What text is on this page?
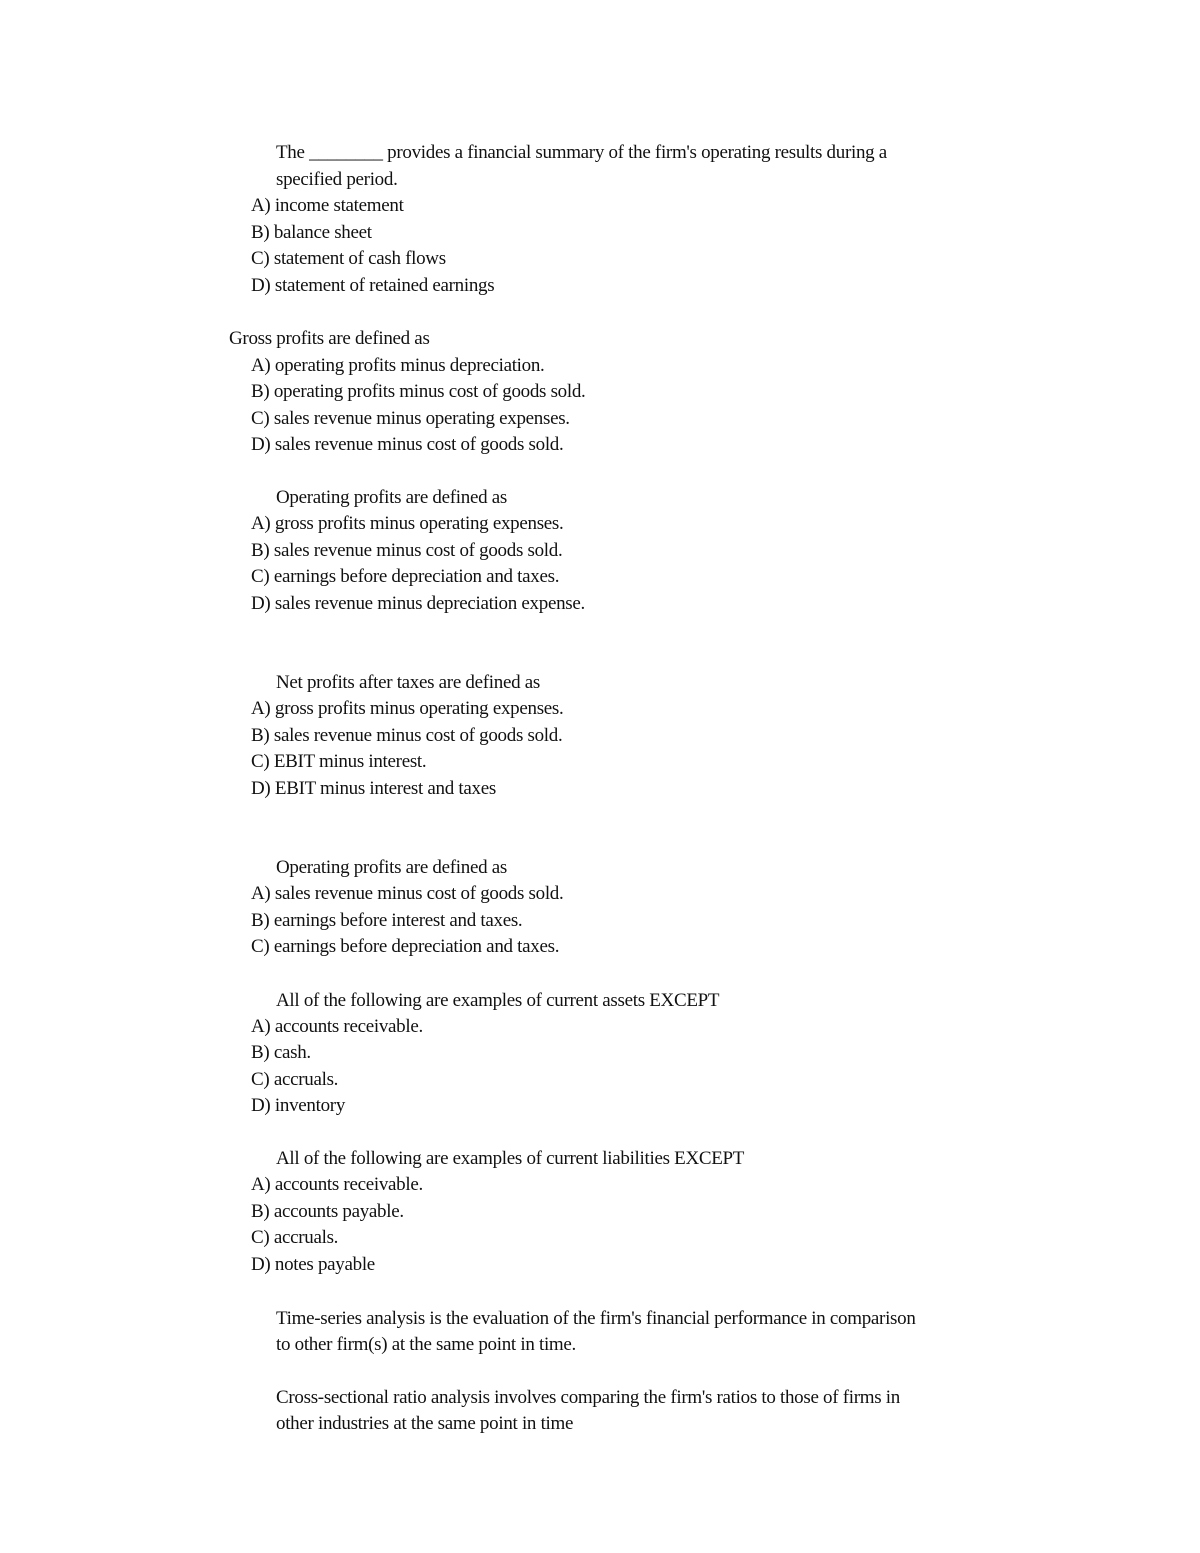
The ________ provides a financial summary of the firm's operating results during a
specified period.
A) income statement
B) balance sheet
C) statement of cash flows
D) statement of retained earnings
Gross profits are defined as
A) operating profits minus depreciation.
B) operating profits minus cost of goods sold.
C) sales revenue minus operating expenses.
D) sales revenue minus cost of goods sold.
Operating profits are defined as
A) gross profits minus operating expenses.
B) sales revenue minus cost of goods sold.
C) earnings before depreciation and taxes.
D) sales revenue minus depreciation expense.
Net profits after taxes are defined as
A) gross profits minus operating expenses.
B) sales revenue minus cost of goods sold.
C) EBIT minus interest.
D) EBIT minus interest and taxes
Operating profits are defined as
A) sales revenue minus cost of goods sold.
B) earnings before interest and taxes.
C) earnings before depreciation and taxes.
All of the following are examples of current assets EXCEPT
A) accounts receivable.
B) cash.
C) accruals.
D) inventory
All of the following are examples of current liabilities EXCEPT
A) accounts receivable.
B) accounts payable.
C) accruals.
D) notes payable
Time-series analysis is the evaluation of the firm's financial performance in comparison
to other firm(s) at the same point in time.
Cross-sectional ratio analysis involves comparing the firm's ratios to those of firms in
other industries at the same point in time
